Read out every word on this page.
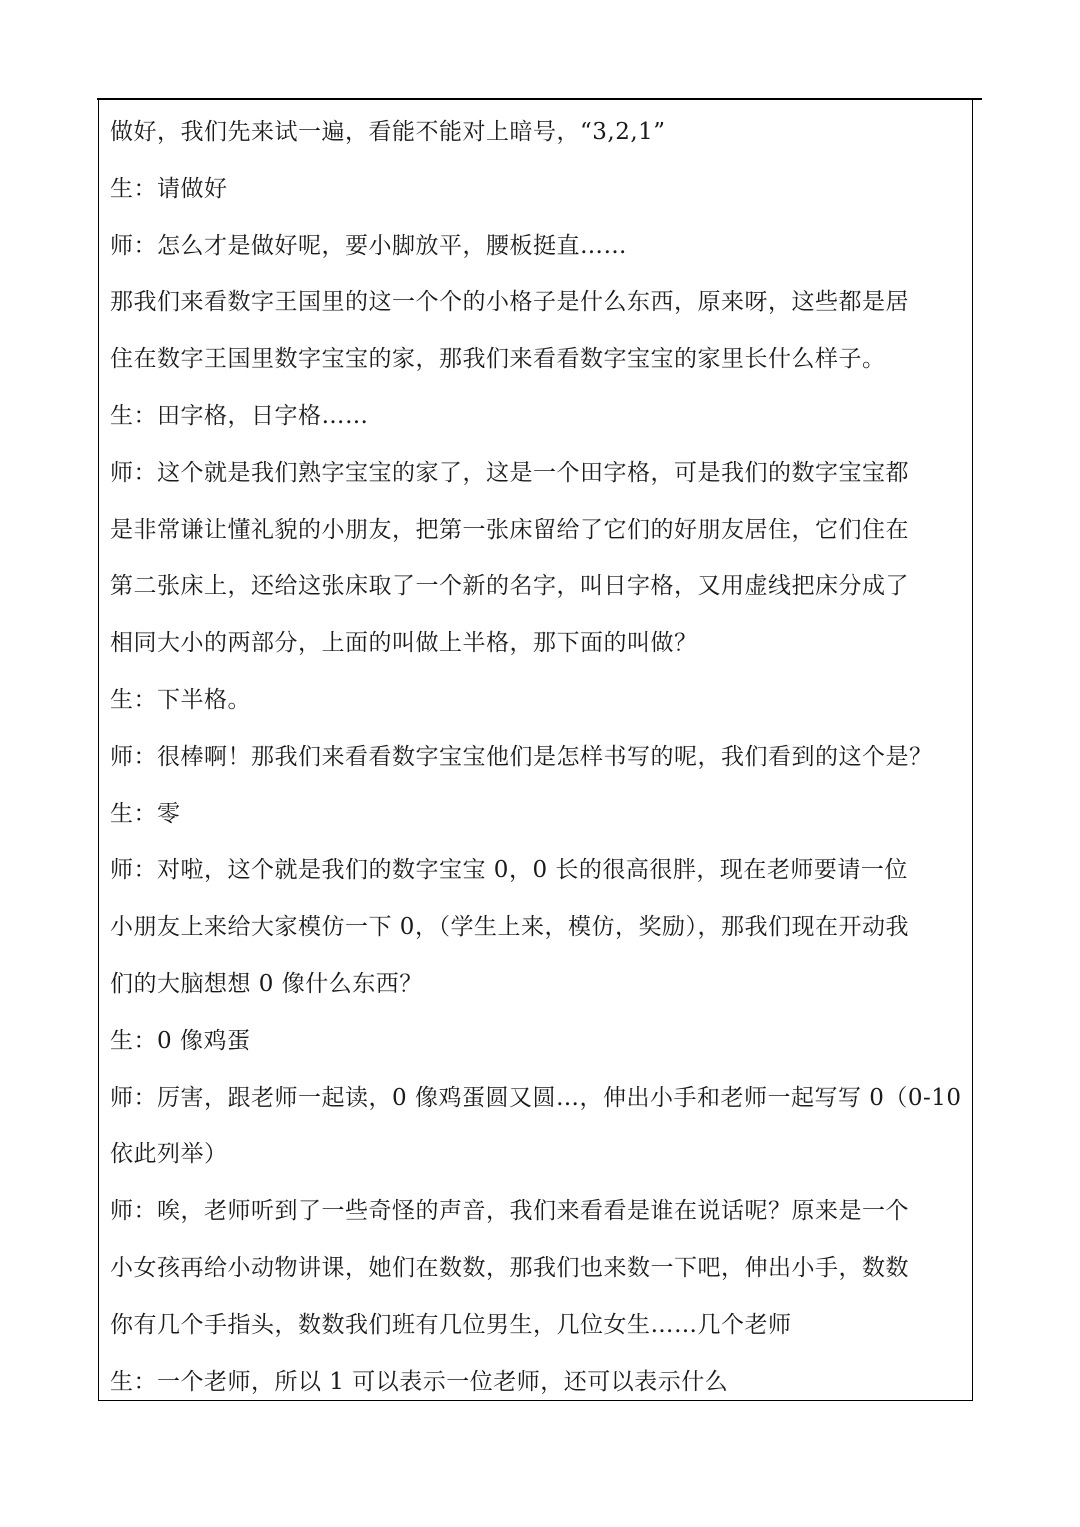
做好，我们先来试一遍，看能不能对上暗号，“3,2,1”
生：请做好
师：怎么才是做好呢，要小脚放平，腰板挺直……
那我们来看数字王国里的这一个个的小格子是什么东西，原来呀，这些都是居
住在数字王国里数字宝宝的家，那我们来看看数字宝宝的家里长什么样子。
生：田字格，日字格……
师：这个就是我们熟字宝宝的家了，这是一个田字格，可是我们的数字宝宝都
是非常谦让懂礼貌的小朋友，把第一张床留给了它们的好朋友居住，它们住在
第二张床上，还给这张床取了一个新的名字，叫日字格，又用虚线把床分成了
相同大小的两部分，上面的叫做上半格，那下面的叫做？
生：下半格。
师：很棒啊！那我们来看看数字宝宝他们是怎样书写的呢，我们看到的这个是？
生：零
师：对啦，这个就是我们的数字宝宝 0，0 长的很高很胖，现在老师要请一位
小朋友上来给大家模仿一下 0，（学生上来，模仿，奖励），那我们现在开动我
们的大脑想想 0 像什么东西？
生：0 像鸡蛋
师：厉害，跟老师一起读，0 像鸡蛋圆又圆…，伸出小手和老师一起写写 0（0-10
依此列举）
师：唉，老师听到了一些奇怪的声音，我们来看看是谁在说话呢？原来是一个
小女孩再给小动物讲课，她们在数数，那我们也来数一下吧，伸出小手，数数
你有几个手指头，数数我们班有几位男生，几位女生……几个老师
生：一个老师，所以 1 可以表示一位老师，还可以表示什么
